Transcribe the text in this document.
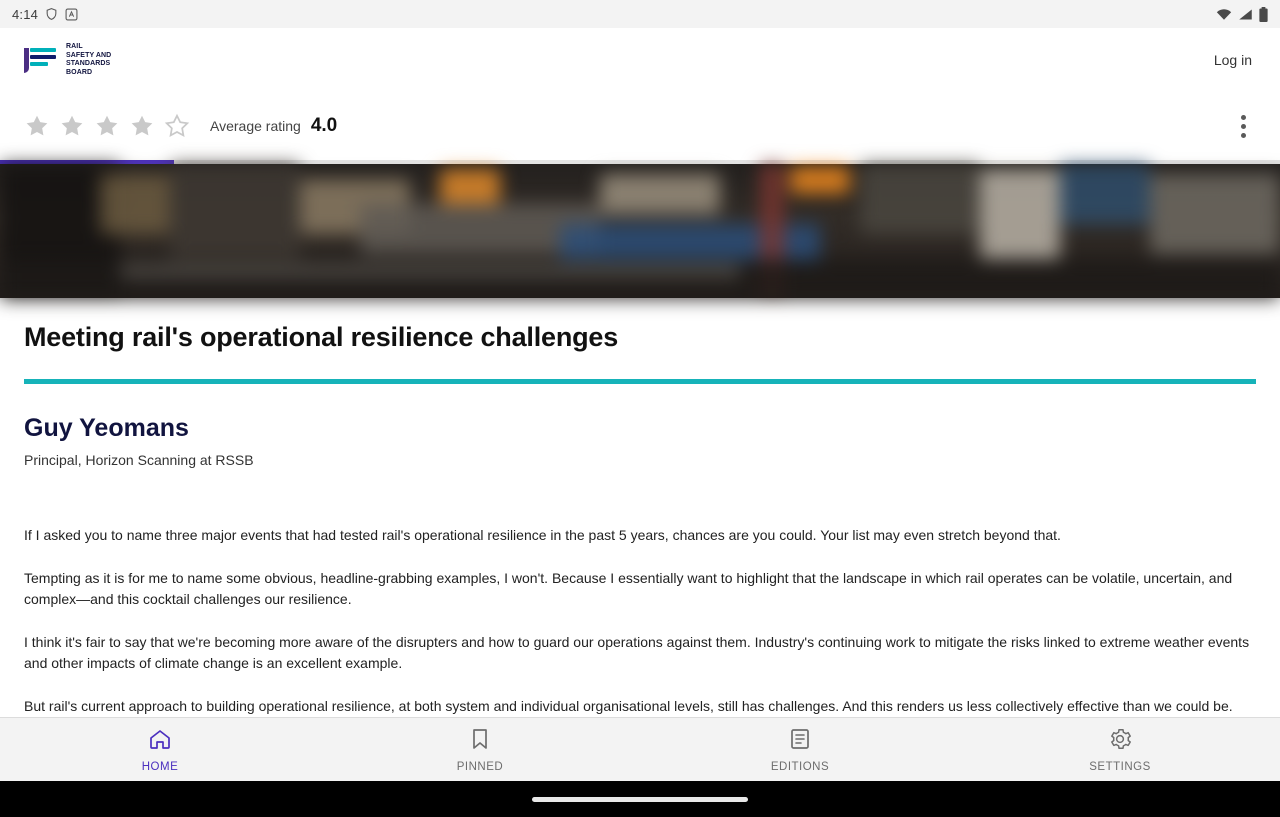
4:14
RAIL
SAFETY AND
STANDARDS
BOARD
Log in
Average rating 4.0
Meeting rail's operational resilience challenges
Guy Yeomans
Principal, Horizon Scanning at RSSB

If I asked you to name three major events that had tested rail's operational resilience in the past 5 years, chances are you could. Your list may even stretch beyond that.

Tempting as it is for me to name some obvious, headline-grabbing examples, I won't. Because I essentially want to highlight that the landscape in which rail operates can be volatile, uncertain, and complex—and this cocktail challenges our resilience.

I think it's fair to say that we're becoming more aware of the disrupters and how to guard our operations against them. Industry's continuing work to mitigate the risks linked to extreme weather events and other impacts of climate change is an excellent example.

But rail's current approach to building operational resilience, at both system and individual organisational levels, still has challenges. And this renders us less collectively effective than we could be.

HOME	PINNED	EDITIONS	SETTINGS
